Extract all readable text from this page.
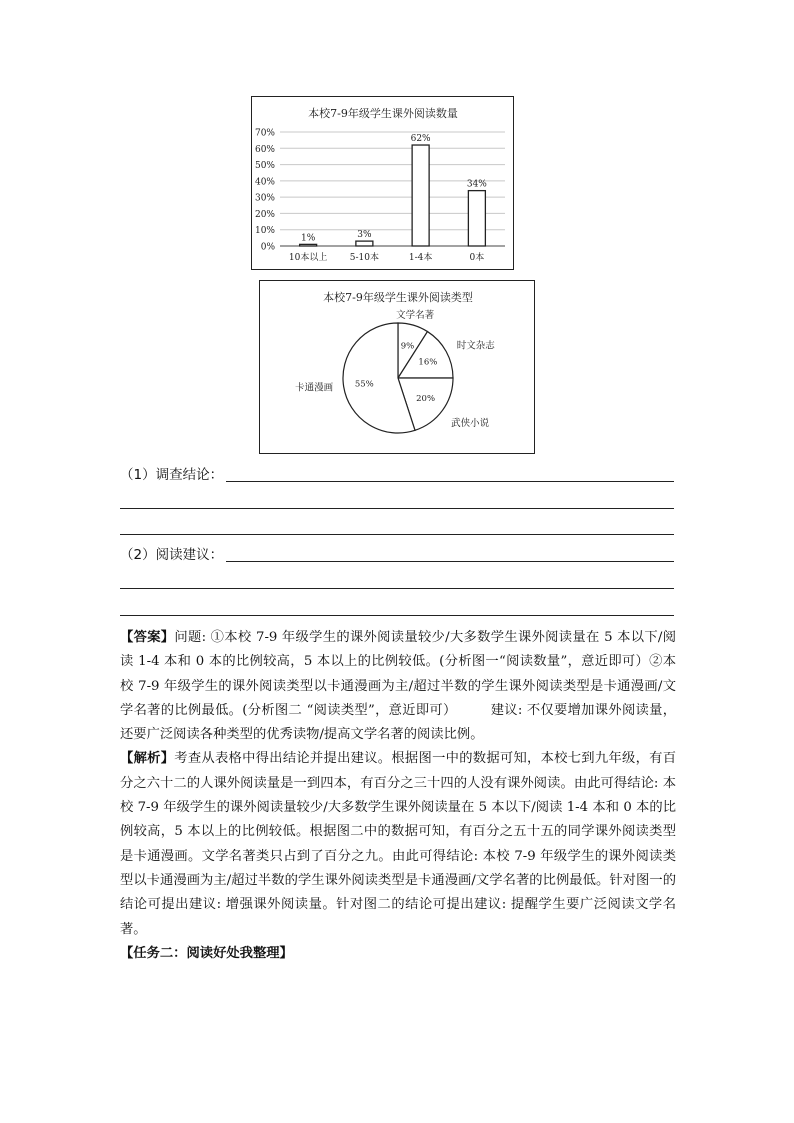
本校7-9年级学生课外阅读数量
0%
10%
20%
30%
40%
50%
60%
70%
1%	3%
62%
34%
10本以上 5-10本	1-4本	0本
本校7-9年级学生课外阅读类型
9%
16%
20%
55%
文学名著
时文杂志
武侠小说
卡通漫画
（1）调查结论：
（2）阅读建议：

【答案】问题: ①本校 7-9 年级学生的课外阅读量较少/大多数学生课外阅读量在 5 本以下/阅读 1-4 本和 0 本的比例较高，5 本以上的比例较低。(分析图一“阅读数量”，意近即可）②本校 7-9 年级学生的课外阅读类型以卡通漫画为主/超过半数的学生课外阅读类型是卡通漫画/文学名著的比例最低。(分析图二 “阅读类型”，意近即可）　　　建议: 不仅要增加课外阅读量，还要广泛阅读各种类型的优秀读物/提高文学名著的阅读比例。

【解析】考查从表格中得出结论并提出建议。根据图一中的数据可知，本校七到九年级，有百分之六十二的人课外阅读量是一到四本，有百分之三十四的人没有课外阅读。由此可得结论: 本校 7-9 年级学生的课外阅读量较少/大多数学生课外阅读量在 5 本以下/阅读 1-4 本和 0 本的比例较高，5 本以上的比例较低。根据图二中的数据可知，有百分之五十五的同学课外阅读类型是卡通漫画。文学名著类只占到了百分之九。由此可得结论: 本校 7-9 年级学生的课外阅读类型以卡通漫画为主/超过半数的学生课外阅读类型是卡通漫画/文学名著的比例最低。针对图一的结论可提出建议: 增强课外阅读量。针对图二的结论可提出建议: 提醒学生要广泛阅读文学名著。

【任务二：阅读好处我整理】
